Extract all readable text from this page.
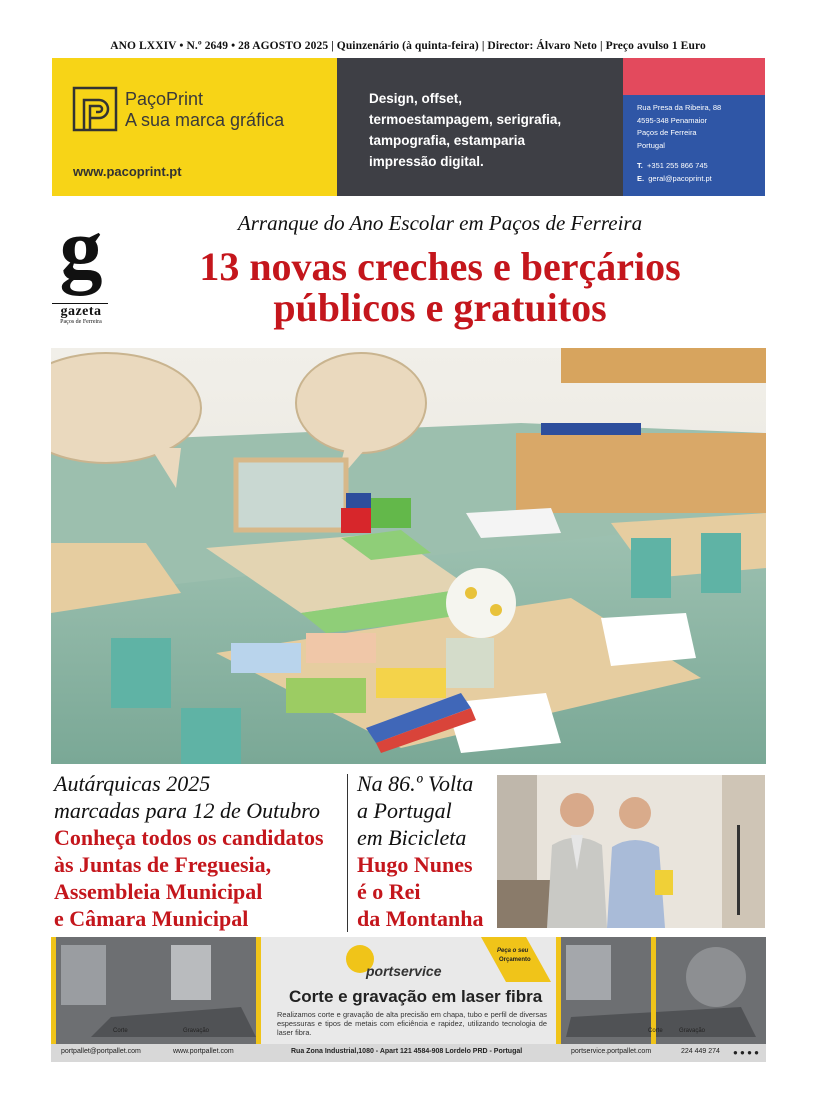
ANO LXXIV • N.º 2649 • 28 AGOSTO 2025 | Quinzenário (à quinta-feira) | Director: Álvaro Neto | Preço avulso 1 Euro
PaçoPrint
A sua marca gráfica
www.pacoprint.pt
Design, offset,
termoestampagem, serigrafia,
tampografia, estamparia
impressão digital.
Rua Presa da Ribeira, 88
4595-348 Penamaior
Paços de Ferreira
Portugal
T. +351 255 866 745
E. geral@pacoprint.pt
g
gazeta
Paços de Ferreira
Arranque do Ano Escolar em Paços de Ferreira
13 novas creches e berçários
públicos e gratuitos
Autárquicas 2025
marcadas para 12 de Outubro
Conheça todos os candidatos
às Juntas de Freguesia,
Assembleia Municipal
e Câmara Municipal
Na 86.º Volta
a Portugal
em Bicicleta
Hugo Nunes
é o Rei
da Montanha
Corte	Gravação	Corte	Gravação
Peça o seu
Orçamento
portservice
Corte e gravação em laser fibra
Realizamos corte e gravação de alta precisão em chapa, tubo e perfil de diversas espessuras e tipos de metais com eficiência e rapidez, utilizando tecnologia de laser fibra.
portpallet@portpallet.com	www.portpallet.com	Rua Zona Industrial,1080 - Apart 121 4584-908 Lordelo PRD - Portugal	portservice.portpallet.com	224 449 274 ● ● ● ●
